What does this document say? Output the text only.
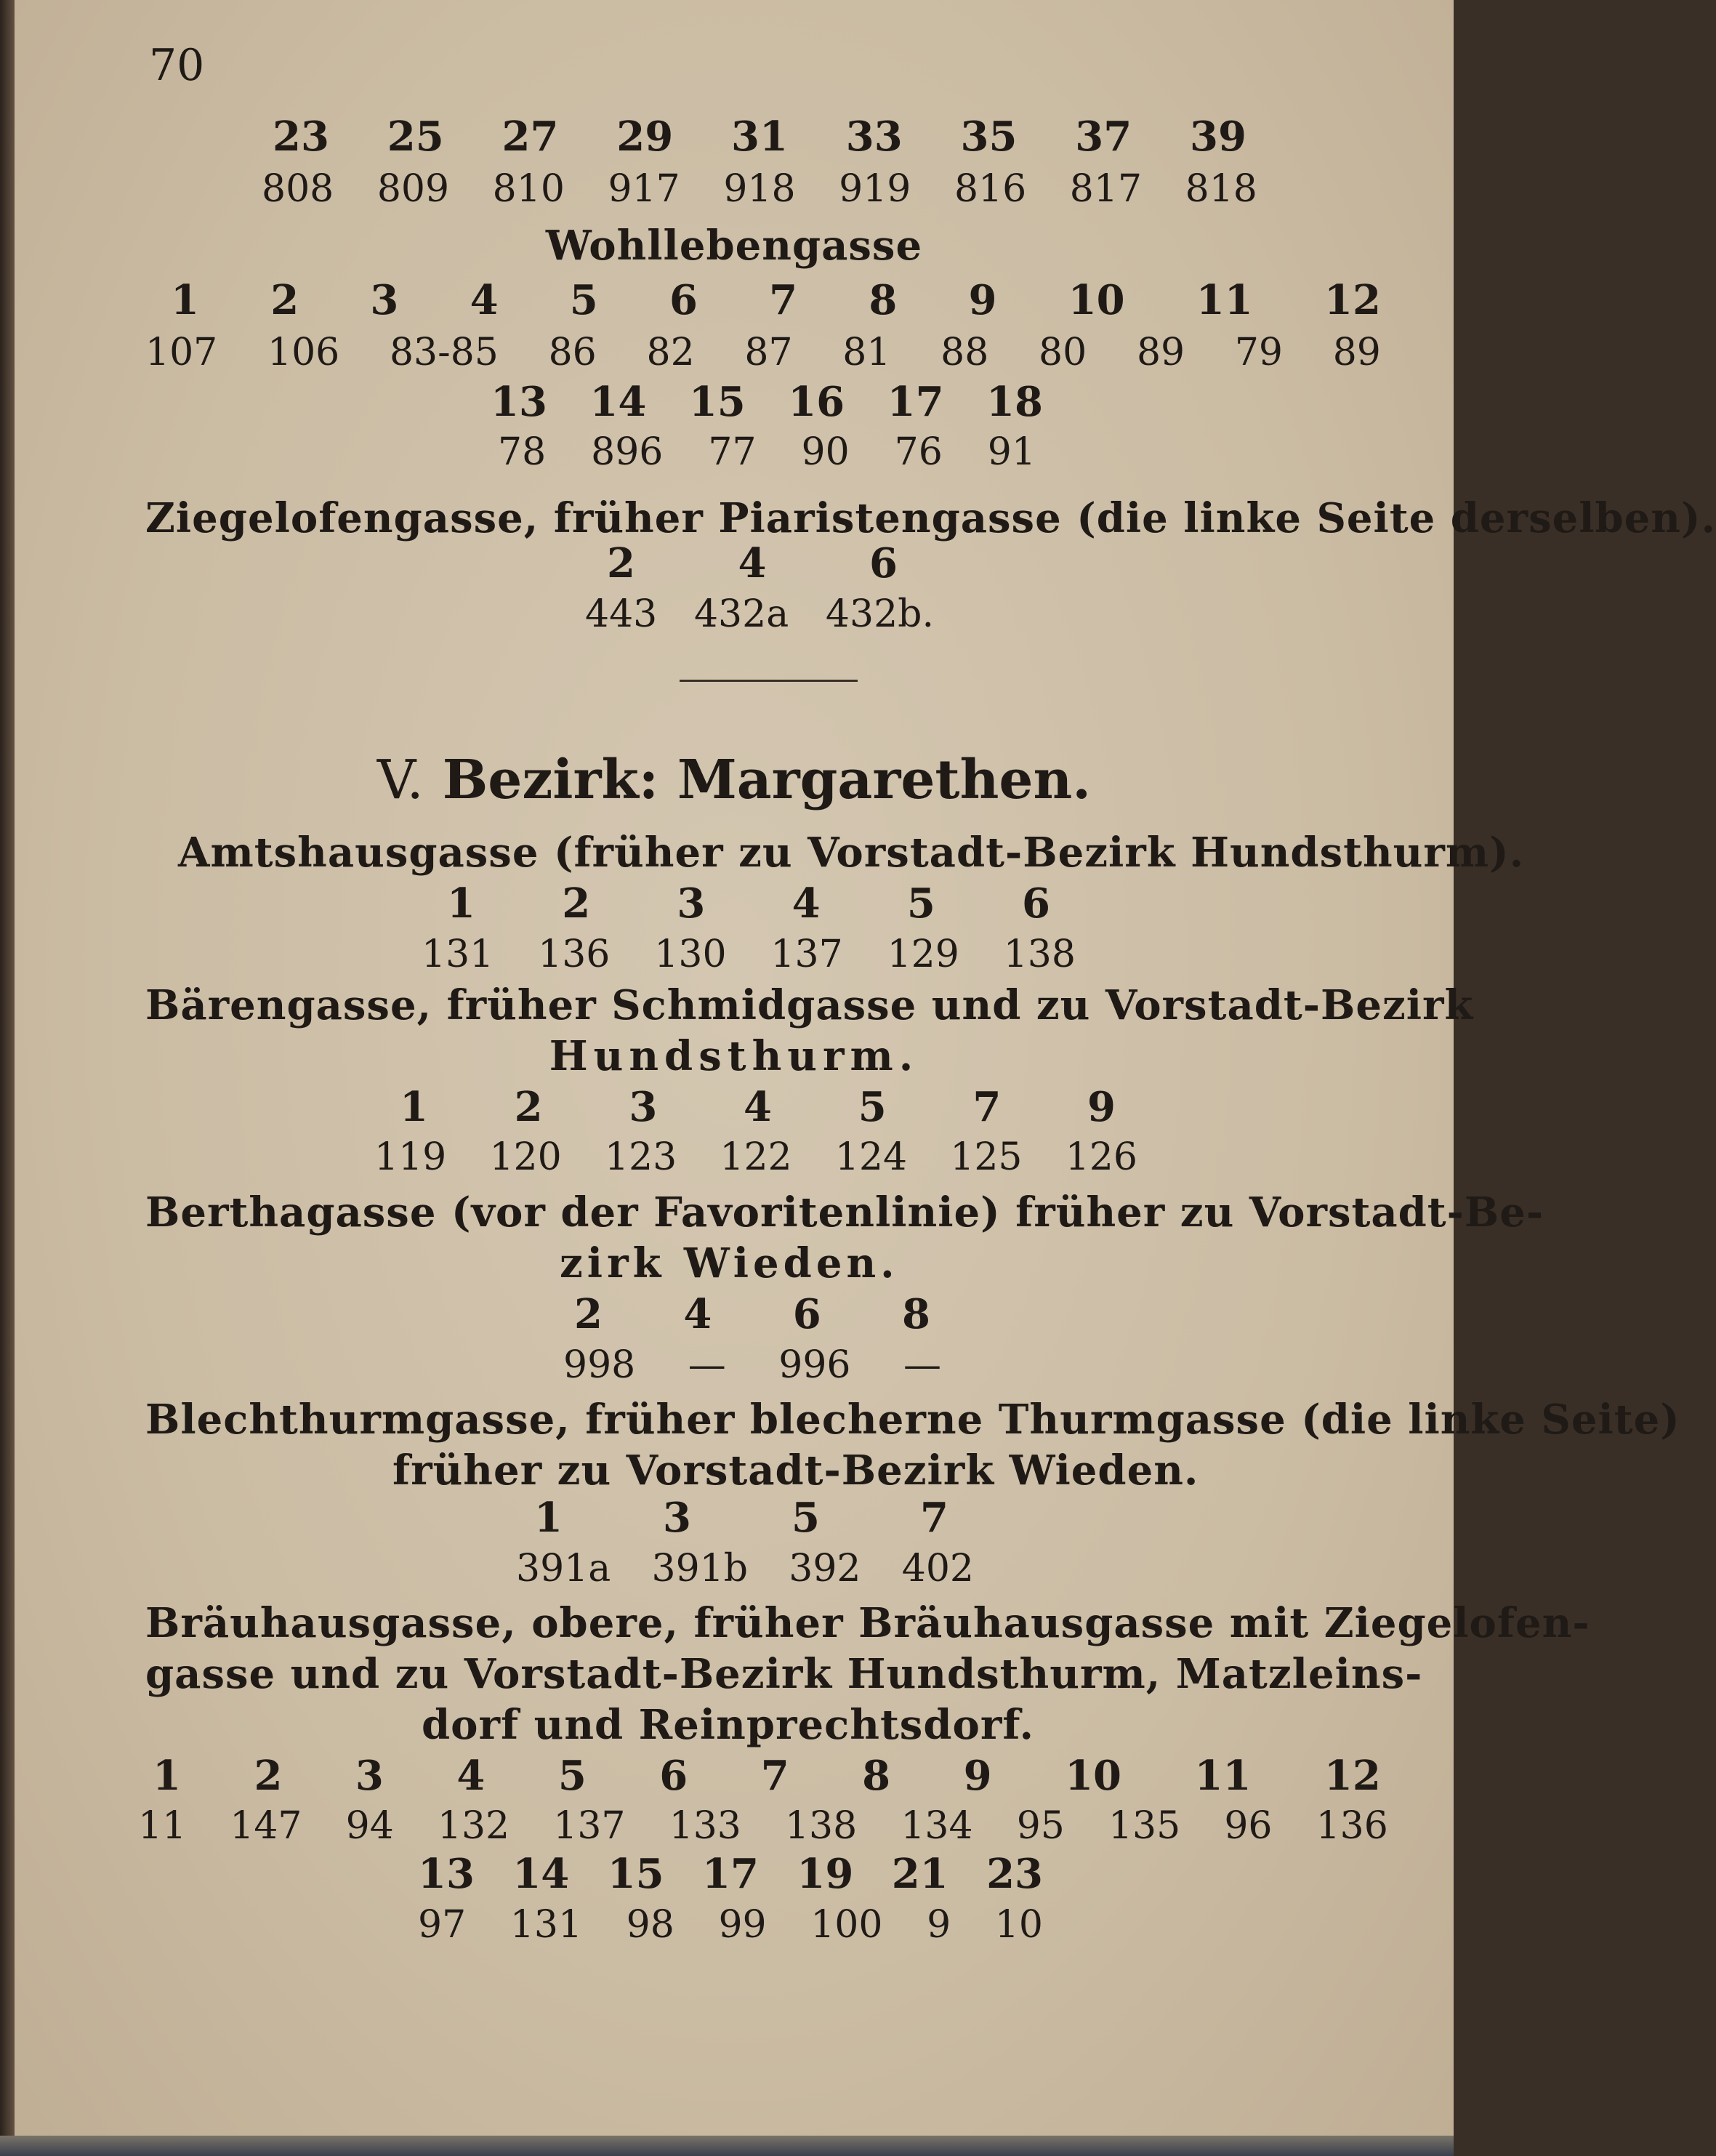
70
23 25 27 29 31 33 35 37 39
808 809 810 917 918 919 816 817 818
Wohllebengasse
1 2 3 4 5 6 7 8 9 10 11 12
107 106 83-85 86 82 87 81 88 80 89 79 89
13 14 15 16 17 18
78 896 77 90 76 91
Ziegelofengasse, früher Piaristengasse (die linke Seite derselben).
2	4	6
443 432a 432b.
V. Bezirk: Margarethen.
Amtshausgasse (früher zu Vorstadt-Bezirk Hundsthurm).
1 2 3 4 5 6
131 136 130 137 129 138
Bärengasse, früher Schmidgasse und zu Vorstadt-Bezirk
Hundsthurm.
1 2 3 4 5 7 9
119 120 123 122 124 125 126
Berthagasse (vor der Favoritenlinie) früher zu Vorstadt-Be-
zirk Wieden.
2 4 6 8
998 — 996 —
Blechthurmgasse, früher blecherne Thurmgasse (die linke Seite)
früher zu Vorstadt-Bezirk Wieden.
1 3 5 7
391a 391b 392 402
Bräuhausgasse, obere, früher Bräuhausgasse mit Ziegelofen-
gasse und zu Vorstadt-Bezirk Hundsthurm, Matzleins-
dorf und Reinprechtsdorf.
1 2 3 4 5 6 7 8 9 10 11 12
11 147 94 132 137 133 138 134 95 135 96 136
13 14 15 17 19 21 23
97 131 98 99 100 9 10
